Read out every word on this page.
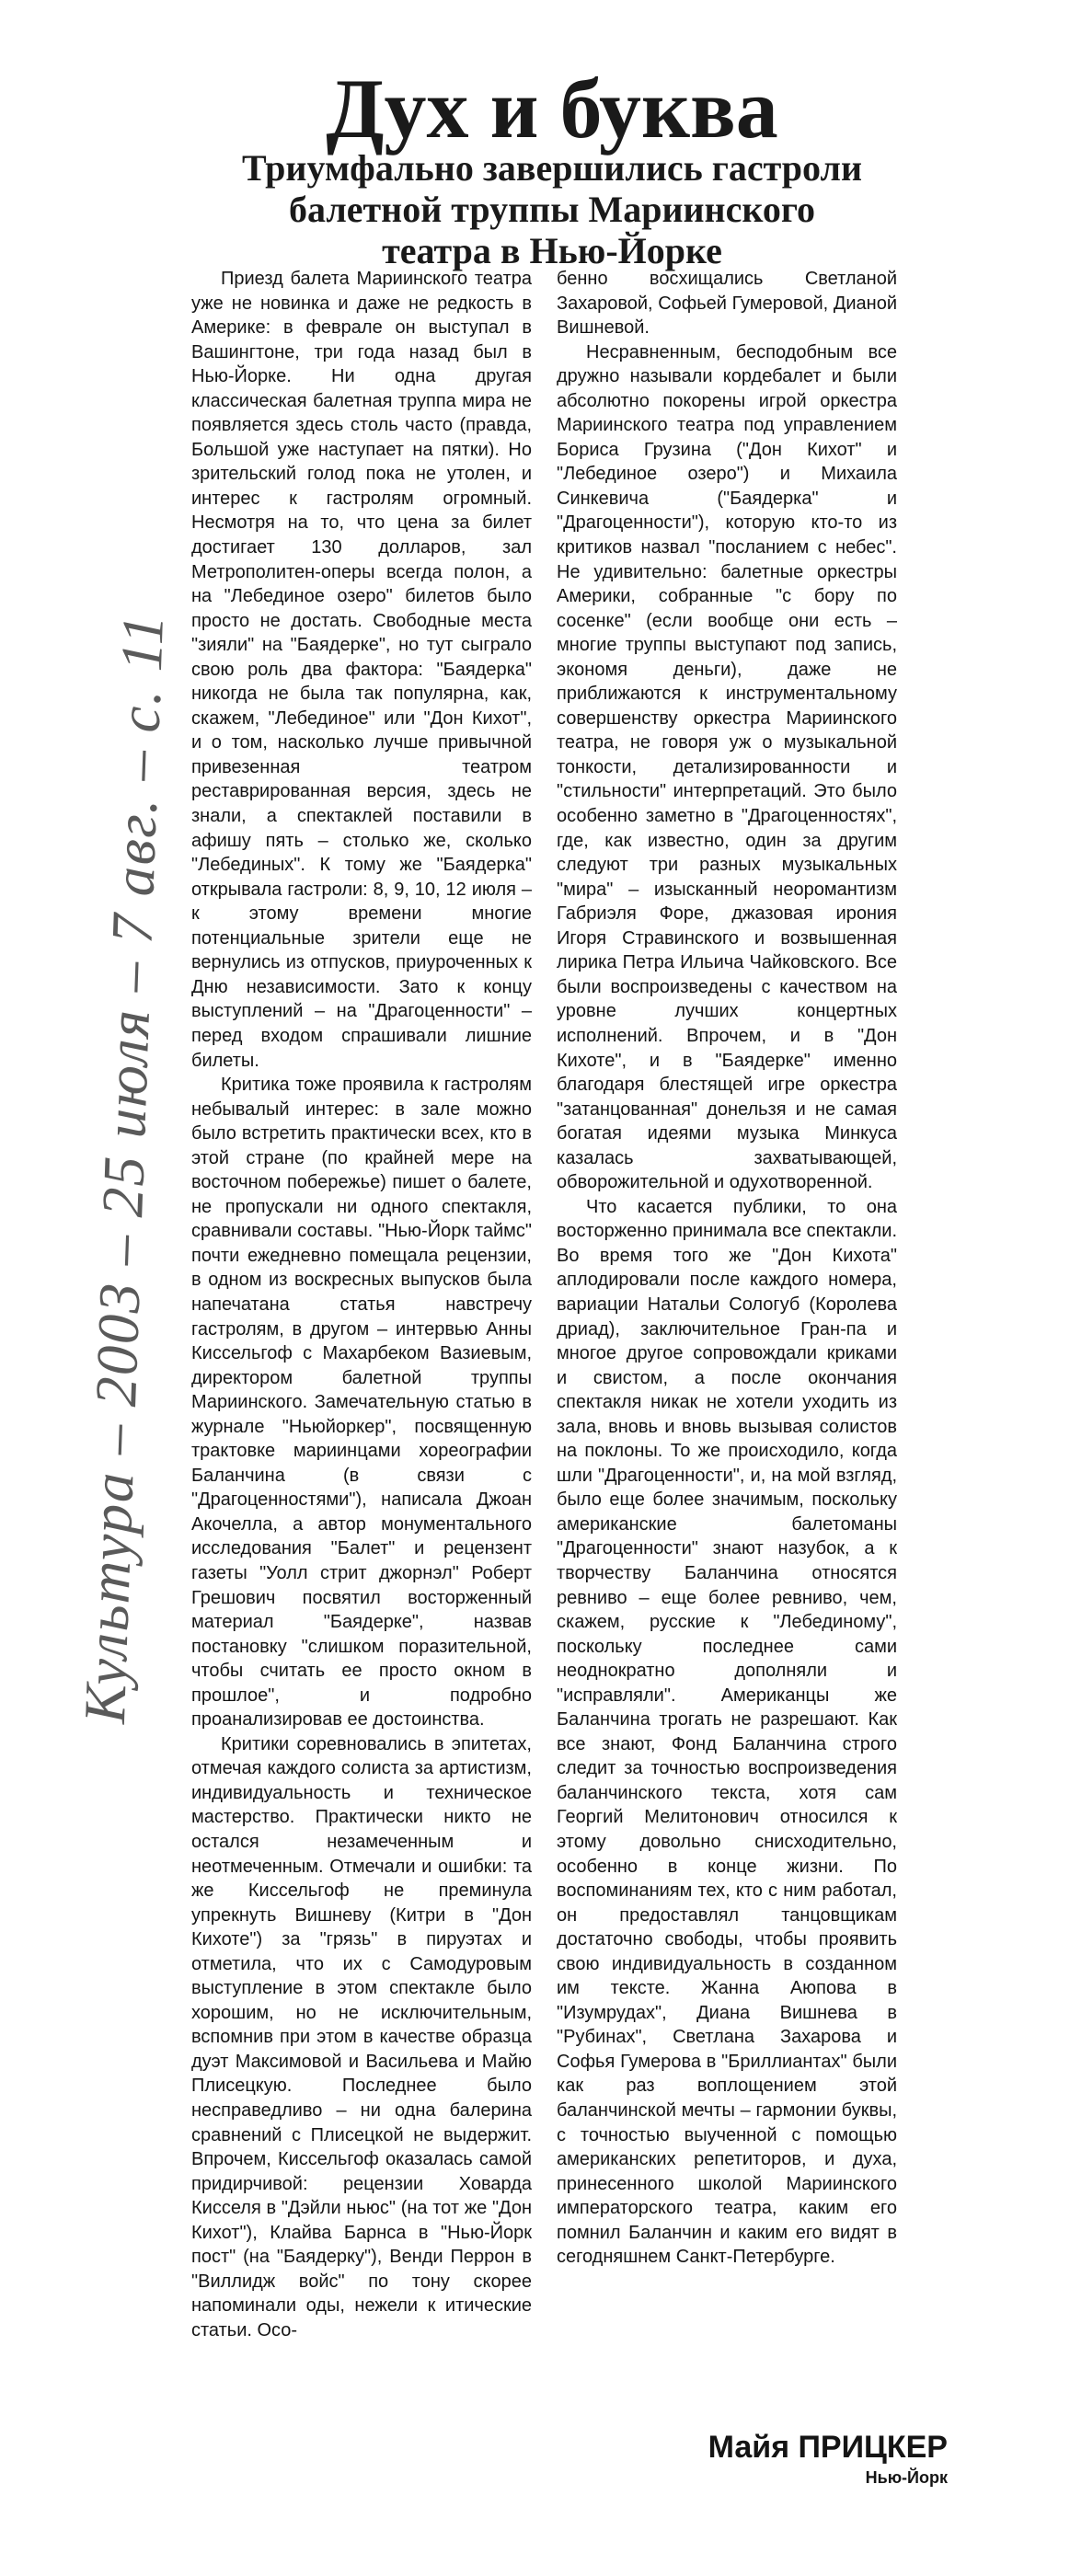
Дух и буква
Триумфально завершились гастроли балетной труппы Мариинского театра в Нью-Йорке

Приезд балета Мариинского театра уже не новинка и даже не редкость в Америке: в феврале он выступал в Вашингтоне, три года назад был в Нью-Йорке. Ни одна другая классическая балетная труппа мира не появляется здесь столь часто (правда, Большой уже наступает на пятки). Но зрительский голод пока не утолен, и интерес к гастролям огромный. Несмотря на то, что цена за билет достигает 130 долларов, зал Метрополитен-оперы всегда полон, а на "Лебединое озеро" билетов было просто не достать. Свободные места "зияли" на "Баядерке", но тут сыграло свою роль два фактора: "Баядерка" никогда не была так популярна, как, скажем, "Лебединое" или "Дон Кихот", и о том, насколько лучше привычной привезенная театром реставрированная версия, здесь не знали, а спектаклей поставили в афишу пять – столько же, сколько "Лебединых". К тому же "Баядерка" открывала гастроли: 8, 9, 10, 12 июля – к этому времени многие потенциальные зрители еще не вернулись из отпусков, приуроченных к Дню независимости. Зато к концу выступлений – на "Драгоценности" – перед входом спрашивали лишние билеты.

Критика тоже проявила к гастролям небывалый интерес: в зале можно было встретить практически всех, кто в этой стране (по крайней мере на восточном побережье) пишет о балете, не пропускали ни одного спектакля, сравнивали составы. "Нью-Йорк таймс" почти ежедневно помещала рецензии, в одном из воскресных выпусков была напечатана статья навстречу гастролям, в другом – интервью Анны Киссельгоф с Махарбеком Вазиевым, директором балетной труппы Мариинского. Замечательную статью в журнале "Ньюйоркер", посвященную трактовке мариинцами хореографии Баланчина (в связи с "Драгоценностями"), написала Джоан Акочелла, а автор монументального исследования "Балет" и рецензент газеты "Уолл стрит джорнэл" Роберт Грешович посвятил восторженный материал "Баядерке", назвав постановку "слишком поразительной, чтобы считать ее просто окном в прошлое", и подробно проанализировав ее достоинства.

Критики соревновались в эпитетах, отмечая каждого солиста за артистизм, индивидуальность и техническое мастерство. Практически никто не остался незамеченным и неотмеченным. Отмечали и ошибки: та же Киссельгоф не преминула упрекнуть Вишневу (Китри в "Дон Кихоте") за "грязь" в пируэтах и отметила, что их с Самодуровым выступление в этом спектакле было хорошим, но не исключительным, вспомнив при этом в качестве образца дуэт Максимовой и Васильева и Майю Плисецкую. Последнее было несправедливо – ни одна балерина сравнений с Плисецкой не выдержит. Впрочем, Киссельгоф оказалась самой придирчивой: рецензии Ховарда Кисселя в "Дэйли ньюс" (на тот же "Дон Кихот"), Клайва Барнса в "Нью-Йорк пост" (на "Баядерку"), Венди Перрон в "Виллидж войс" по тону скорее напоминали оды, нежели к итические статьи. Осо-

бенно восхищались Светланой Захаровой, Софьей Гумеровой, Дианой Вишневой.

Несравненным, бесподобным все дружно называли кордебалет и были абсолютно покорены игрой оркестра Мариинского театра под управлением Бориса Грузина ("Дон Кихот" и "Лебединое озеро") и Михаила Синкевича ("Баядерка" и "Драгоценности"), которую кто-то из критиков назвал "посланием с небес". Не удивительно: балетные оркестры Америки, собранные "с бору по сосенке" (если вообще они есть – многие труппы выступают под запись, экономя деньги), даже не приближаются к инструментальному совершенству оркестра Мариинского театра, не говоря уж о музыкальной тонкости, детализированности и "стильности" интерпретаций. Это было особенно заметно в "Драгоценностях", где, как известно, один за другим следуют три разных музыкальных "мира" – изысканный неоромантизм Габриэля Форе, джазовая ирония Игоря Стравинского и возвышенная лирика Петра Ильича Чайковского. Все были воспроизведены с качеством на уровне лучших концертных исполнений. Впрочем, и в "Дон Кихоте", и в "Баядерке" именно благодаря блестящей игре оркестра "затанцованная" донельзя и не самая богатая идеями музыка Минкуса казалась захватывающей, обворожительной и одухотворенной.

Что касается публики, то она восторженно принимала все спектакли. Во время того же "Дон Кихота" аплодировали после каждого номера, вариации Натальи Сологуб (Королева дриад), заключительное Гран-па и многое другое сопровождали криками и свистом, а после окончания спектакля никак не хотели уходить из зала, вновь и вновь вызывая солистов на поклоны. То же происходило, когда шли "Драгоценности", и, на мой взгляд, было еще более значимым, поскольку американские балетоманы "Драгоценности" знают назубок, а к творчеству Баланчина относятся ревниво – еще более ревниво, чем, скажем, русские к "Лебединому", поскольку последнее сами неоднократно дополняли и "исправляли". Американцы же Баланчина трогать не разрешают. Как все знают, Фонд Баланчина строго следит за точностью воспроизведения баланчинского текста, хотя сам Георгий Мелитонович относился к этому довольно снисходительно, особенно в конце жизни. По воспоминаниям тех, кто с ним работал, он предоставлял танцовщикам достаточно свободы, чтобы проявить свою индивидуальность в созданном им тексте. Жанна Аюпова в "Изумрудах", Диана Вишнева в "Рубинах", Светлана Захарова и Софья Гумерова в "Бриллиантах" были как раз воплощением этой баланчинской мечты – гармонии буквы, с точностью выученной с помощью американских репетиторов, и духа, принесенного школой Мариинского императорского театра, каким его помнил Баланчин и каким его видят в сегодняшнем Санкт-Петербурге.

Майя ПРИЦКЕР
Нью-Йорк
Культура – 2003 – 25 июля – 7 авг. – с. 11
